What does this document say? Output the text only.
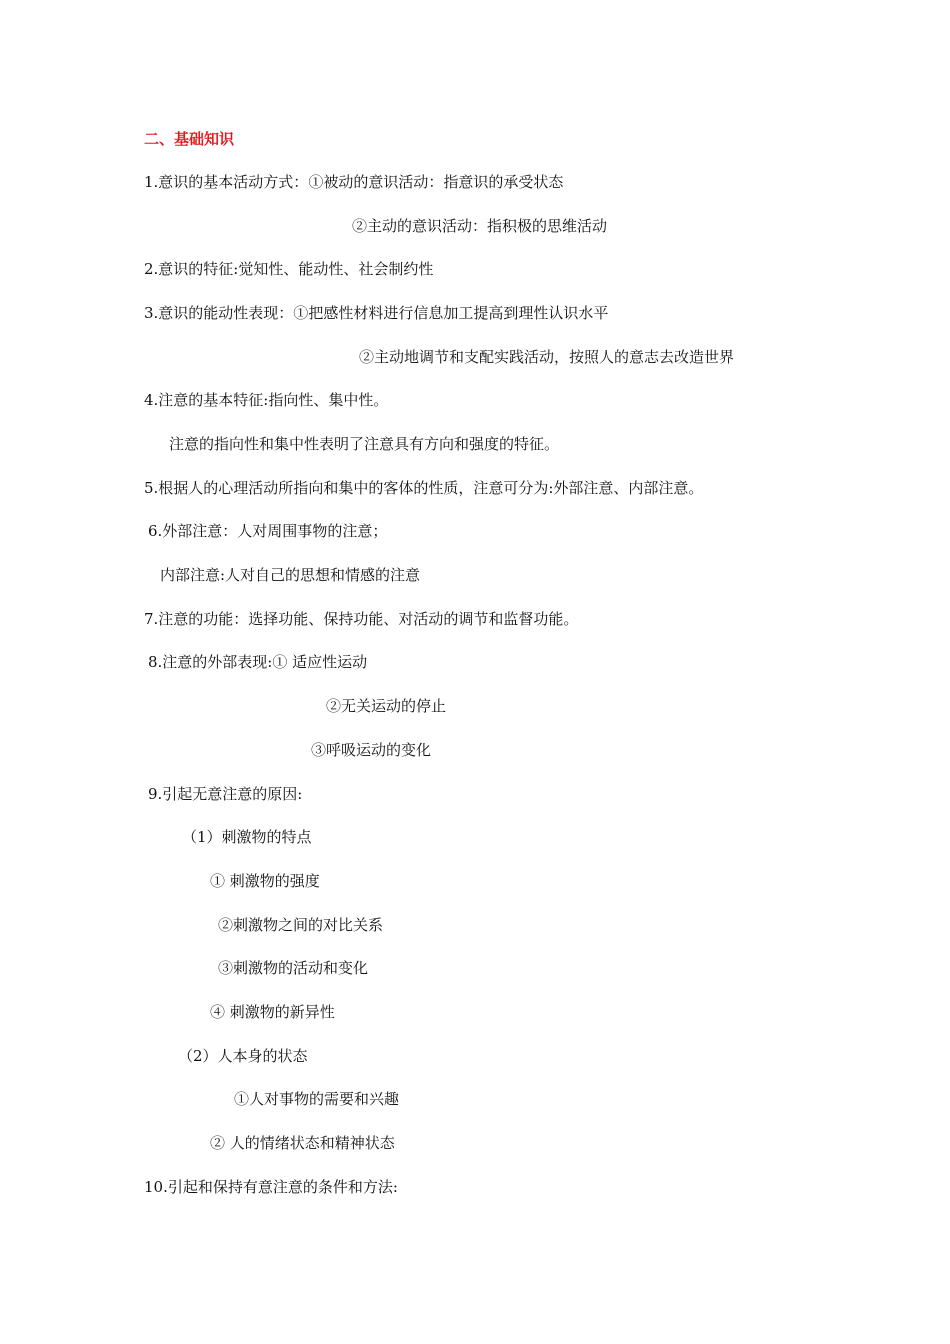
二、基础知识
1.意识的基本活动方式：①被动的意识活动：指意识的承受状态
②主动的意识活动：指积极的思维活动
2.意识的特征:觉知性、能动性、社会制约性
3.意识的能动性表现：①把感性材料进行信息加工提高到理性认识水平
②主动地调节和支配实践活动，按照人的意志去改造世界
4.注意的基本特征:指向性、集中性。
注意的指向性和集中性表明了注意具有方向和强度的特征。
5.根据人的心理活动所指向和集中的客体的性质，注意可分为:外部注意、内部注意。
6.外部注意：人对周围事物的注意；
内部注意:人对自己的思想和情感的注意
7.注意的功能：选择功能、保持功能、对活动的调节和监督功能。
8.注意的外部表现:① 适应性运动
②无关运动的停止
③呼吸运动的变化
9.引起无意注意的原因:
（1）刺激物的特点
① 刺激物的强度
②刺激物之间的对比关系
③刺激物的活动和变化
④ 刺激物的新异性
（2）人本身的状态
①人对事物的需要和兴趣
② 人的情绪状态和精神状态
10.引起和保持有意注意的条件和方法:
